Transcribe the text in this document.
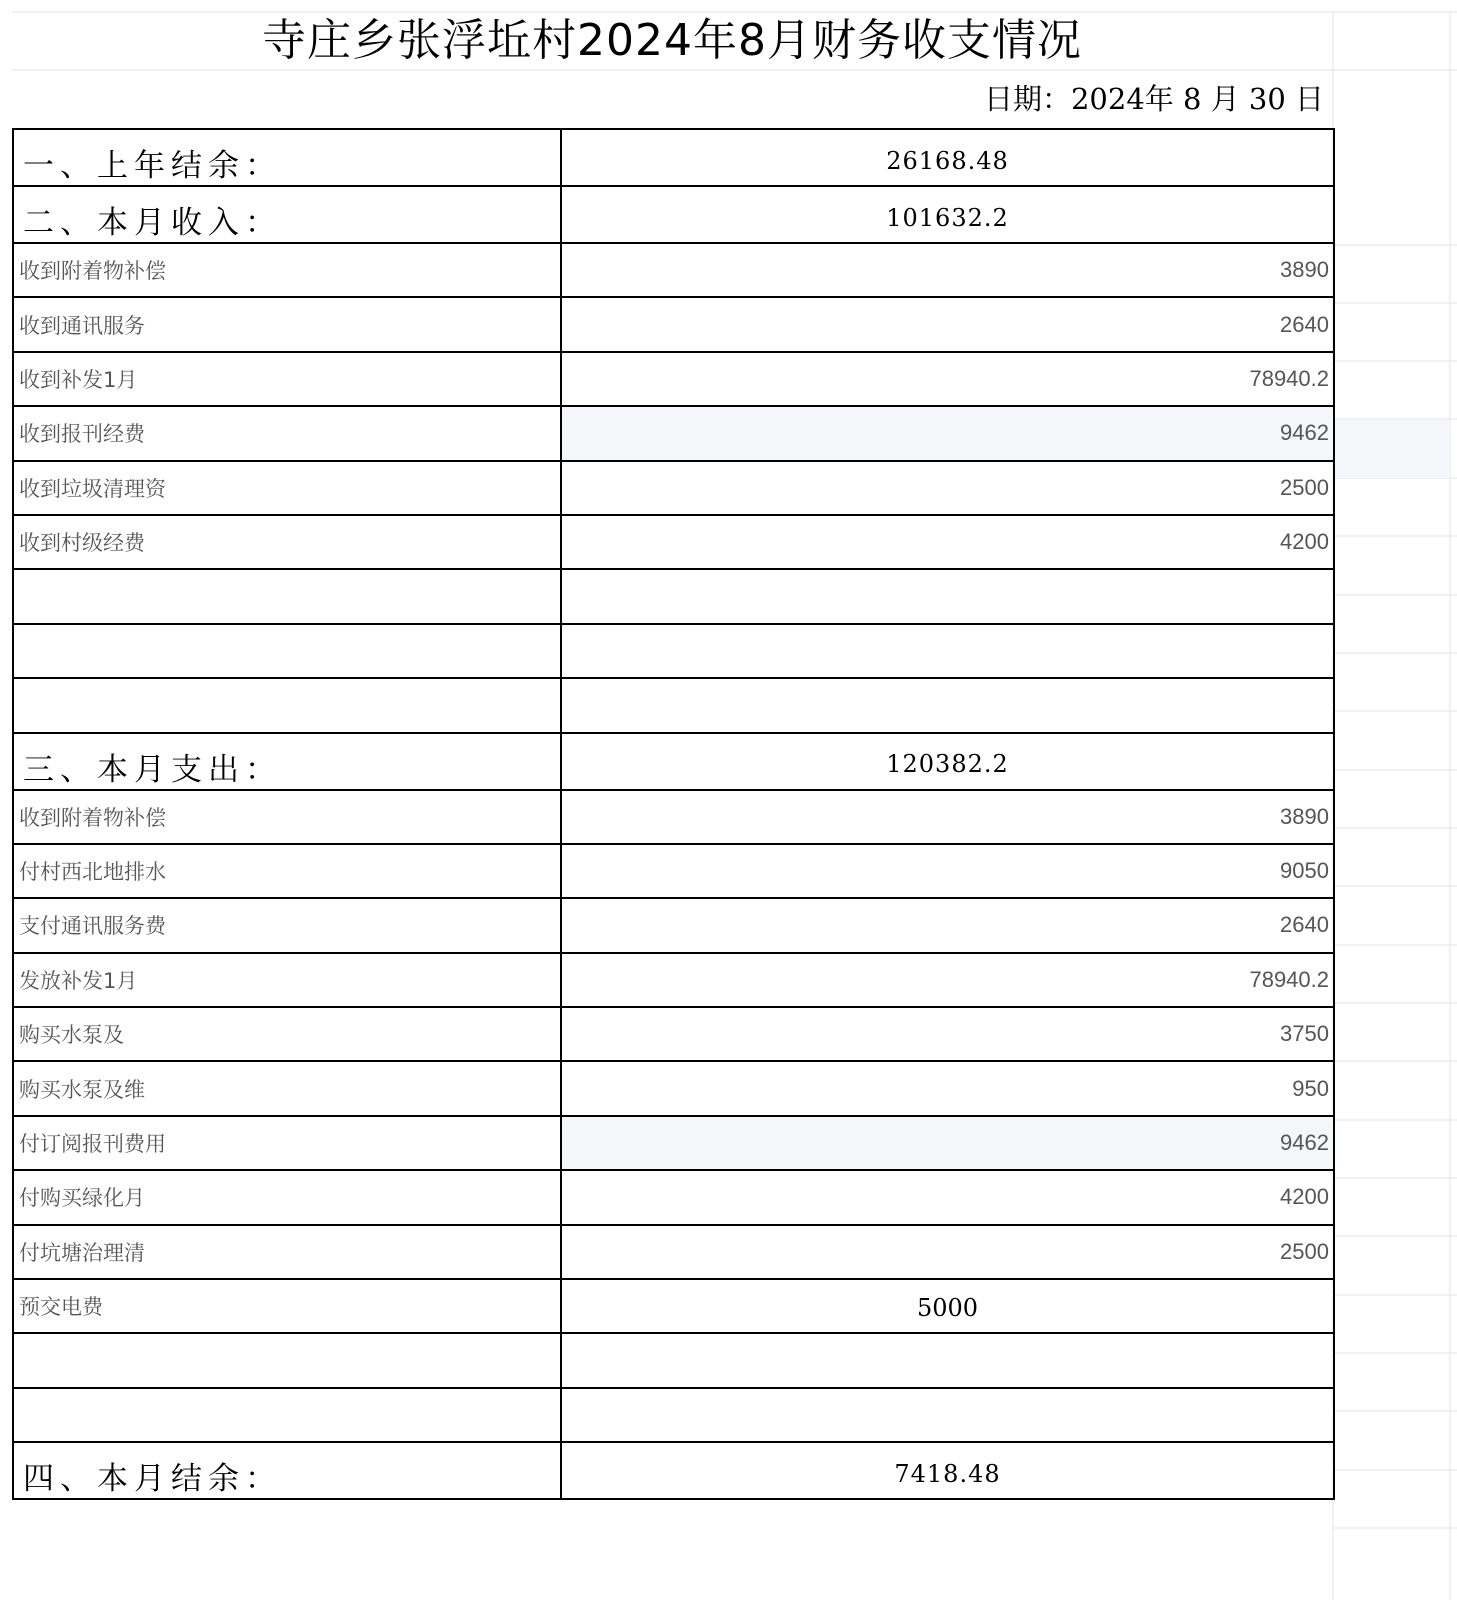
寺庄乡张浮坵村2024年8月财务收支情况
日期：2024年 8 月 30 日
一、上年结余：	26168.48

二、本月收入：	101632.2

收到附着物补偿	3890

收到通讯服务	2640

收到补发1月	78940.2

收到报刊经费	9462

收到垃圾清理资	2500

收到村级经费	4200

三、本月支出：	120382.2

收到附着物补偿	3890

付村西北地排水	9050

支付通讯服务费	2640

发放补发1月	78940.2

购买水泵及	3750

购买水泵及维	950

付订阅报刊费用	9462

付购买绿化月	4200

付坑塘治理清	2500

预交电费	5000

四、本月结余：	7418.48
